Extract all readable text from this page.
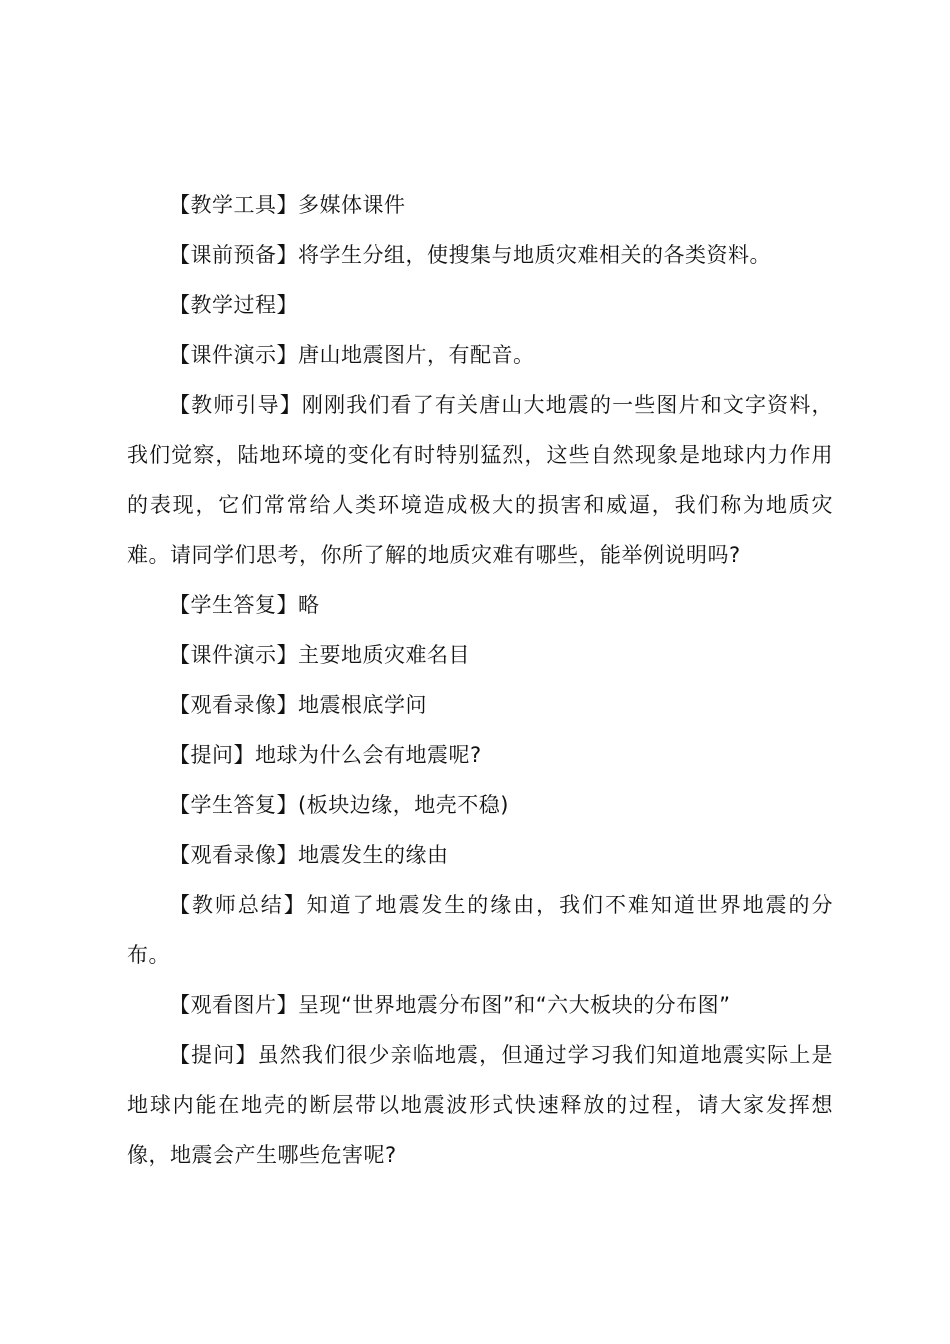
【教学工具】多媒体课件

【课前预备】将学生分组，使搜集与地质灾难相关的各类资料。

【教学过程】

【课件演示】唐山地震图片，有配音。

【教师引导】刚刚我们看了有关唐山大地震的一些图片和文字资料，我们觉察，陆地环境的变化有时特别猛烈，这些自然现象是地球内力作用的表现，它们常常给人类环境造成极大的损害和威逼，我们称为地质灾难。请同学们思考，你所了解的地质灾难有哪些，能举例说明吗?

【学生答复】略

【课件演示】主要地质灾难名目

【观看录像】地震根底学问

【提问】地球为什么会有地震呢?

【学生答复】(板块边缘，地壳不稳)

【观看录像】地震发生的缘由

【教师总结】知道了地震发生的缘由，我们不难知道世界地震的分布。

【观看图片】呈现“世界地震分布图”和“六大板块的分布图”

【提问】虽然我们很少亲临地震，但通过学习我们知道地震实际上是地球内能在地壳的断层带以地震波形式快速释放的过程，请大家发挥想像，地震会产生哪些危害呢?
